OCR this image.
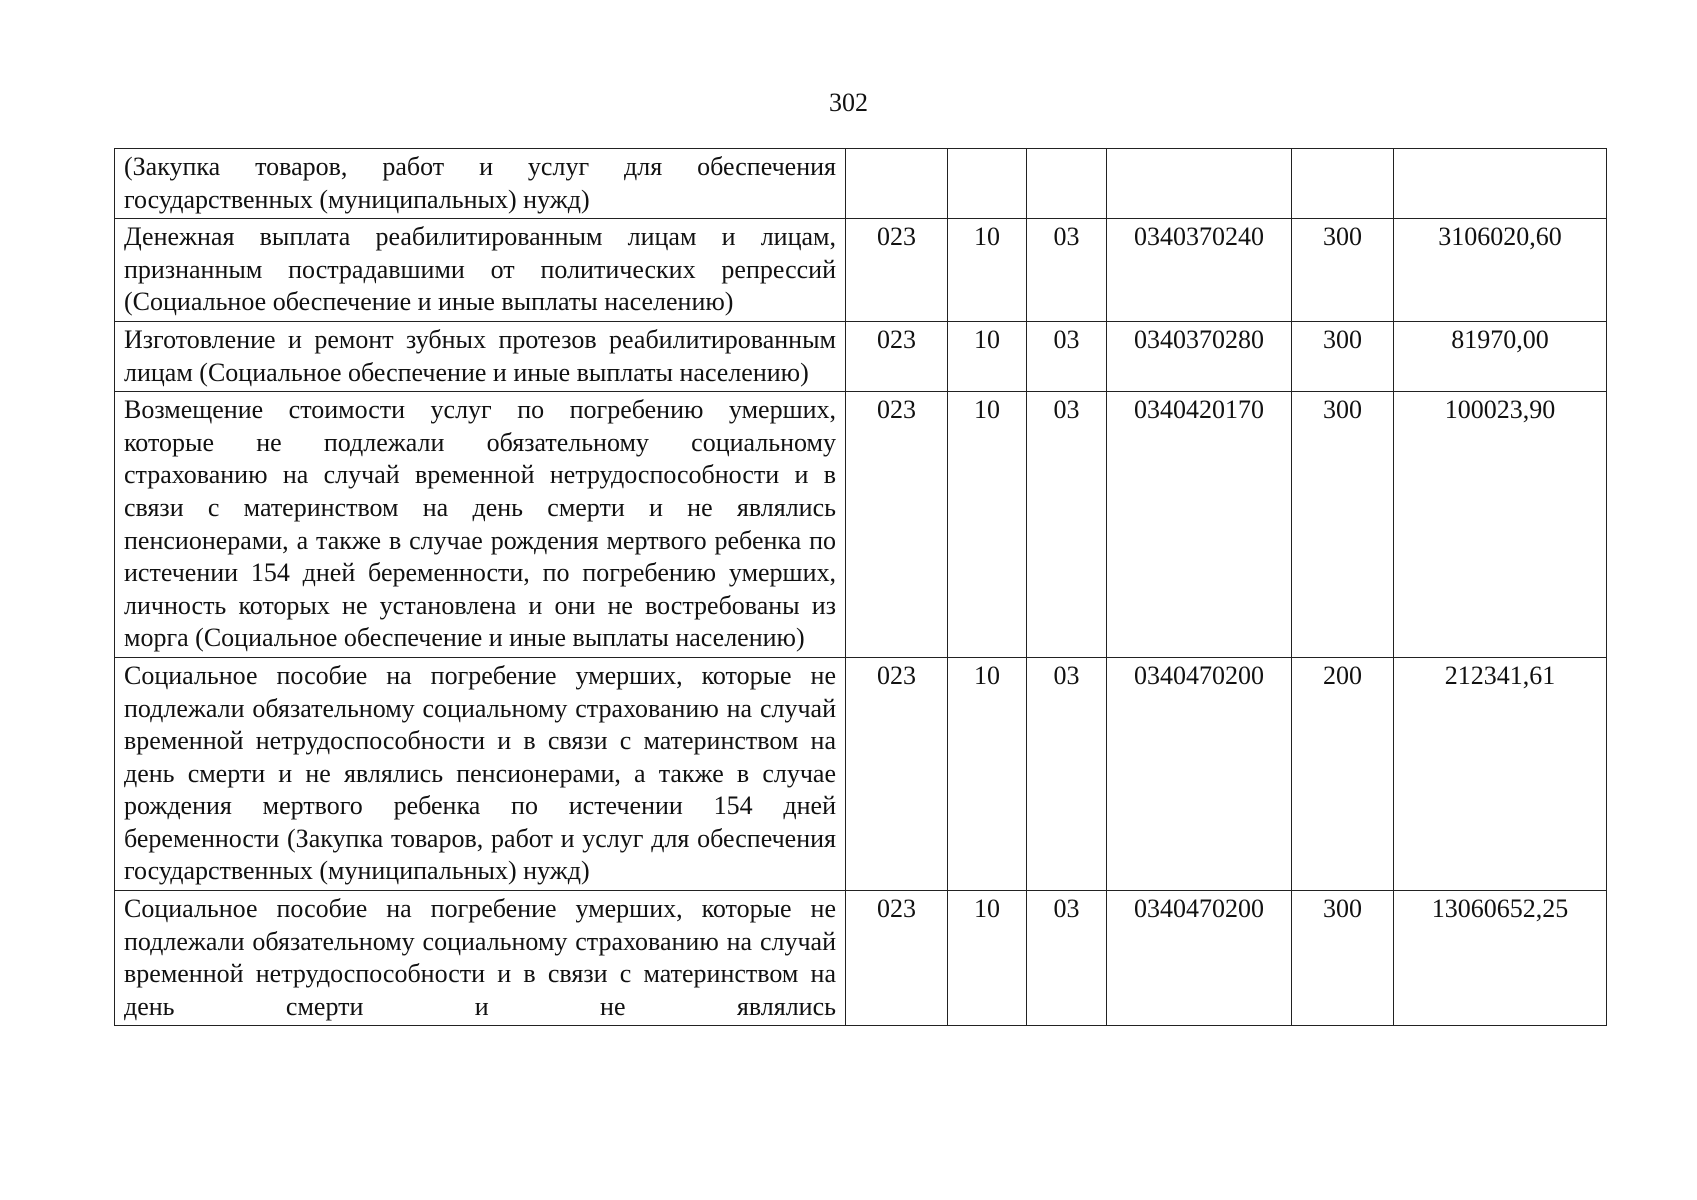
302
(Закупка товаров, работ и услуг для обеспечения государственных (муниципальных) нужд)						
Денежная выплата реабилитированным лицам и лицам, признанным пострадавшими от политических репрессий (Социальное обеспечение и иные выплаты населению)	023	10	03	0340370240	300	3106020,60
Изготовление и ремонт зубных протезов реабилитированным лицам (Социальное обеспечение и иные выплаты населению)	023	10	03	0340370280	300	81970,00
Возмещение стоимости услуг по погребению умерших, которые не подлежали обязательному социальному страхованию на случай временной нетрудоспособности и в связи с материнством на день смерти и не являлись пенсионерами, а также в случае рождения мертвого ребенка по истечении 154 дней беременности, по погребению умерших, личность которых не установлена и они не востребованы из морга (Социальное обеспечение и иные выплаты населению)	023	10	03	0340420170	300	100023,90
Социальное пособие на погребение умерших, которые не подлежали обязательному социальному страхованию на случай временной нетрудоспособности и в связи с материнством на день смерти и не являлись пенсионерами, а также в случае рождения мертвого ребенка по истечении 154 дней беременности (Закупка товаров, работ и услуг для обеспечения государственных (муниципальных) нужд)	023	10	03	0340470200	200	212341,61
Социальное пособие на погребение умерших, которые не подлежали обязательному социальному страхованию на случай временной нетрудоспособности и в связи с материнством на день смерти и не являлись	023	10	03	0340470200	300	13060652,25
